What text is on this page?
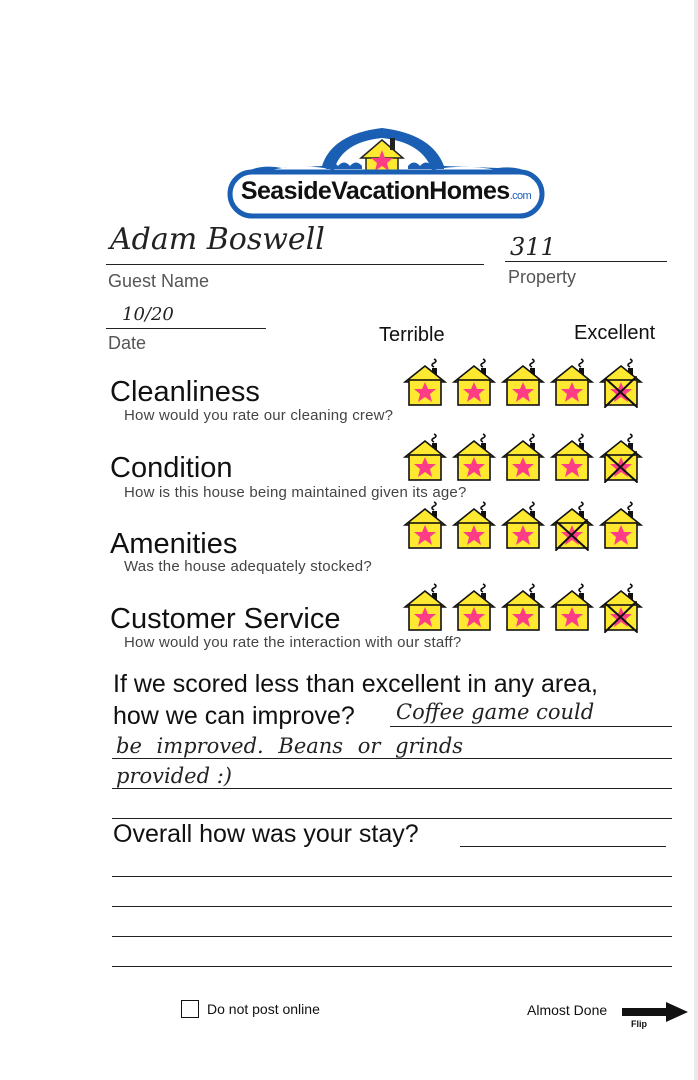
SeasideVacationHomes.com
Adam Boswell
Guest Name
311
Property
10/20
Date	Terrible	Excellent
Cleanliness
How would you rate our cleaning crew?
Condition
How is this house being maintained given its age?
Amenities
Was the house adequately stocked?
Customer Service
How would you rate the interaction with our staff?
If we scored less than excellent in any area,
how we can improve? Coffee game could
be improved. Beans or grinds
provided :)
Overall how was your stay?
Do not post online	Almost Done
Flip
